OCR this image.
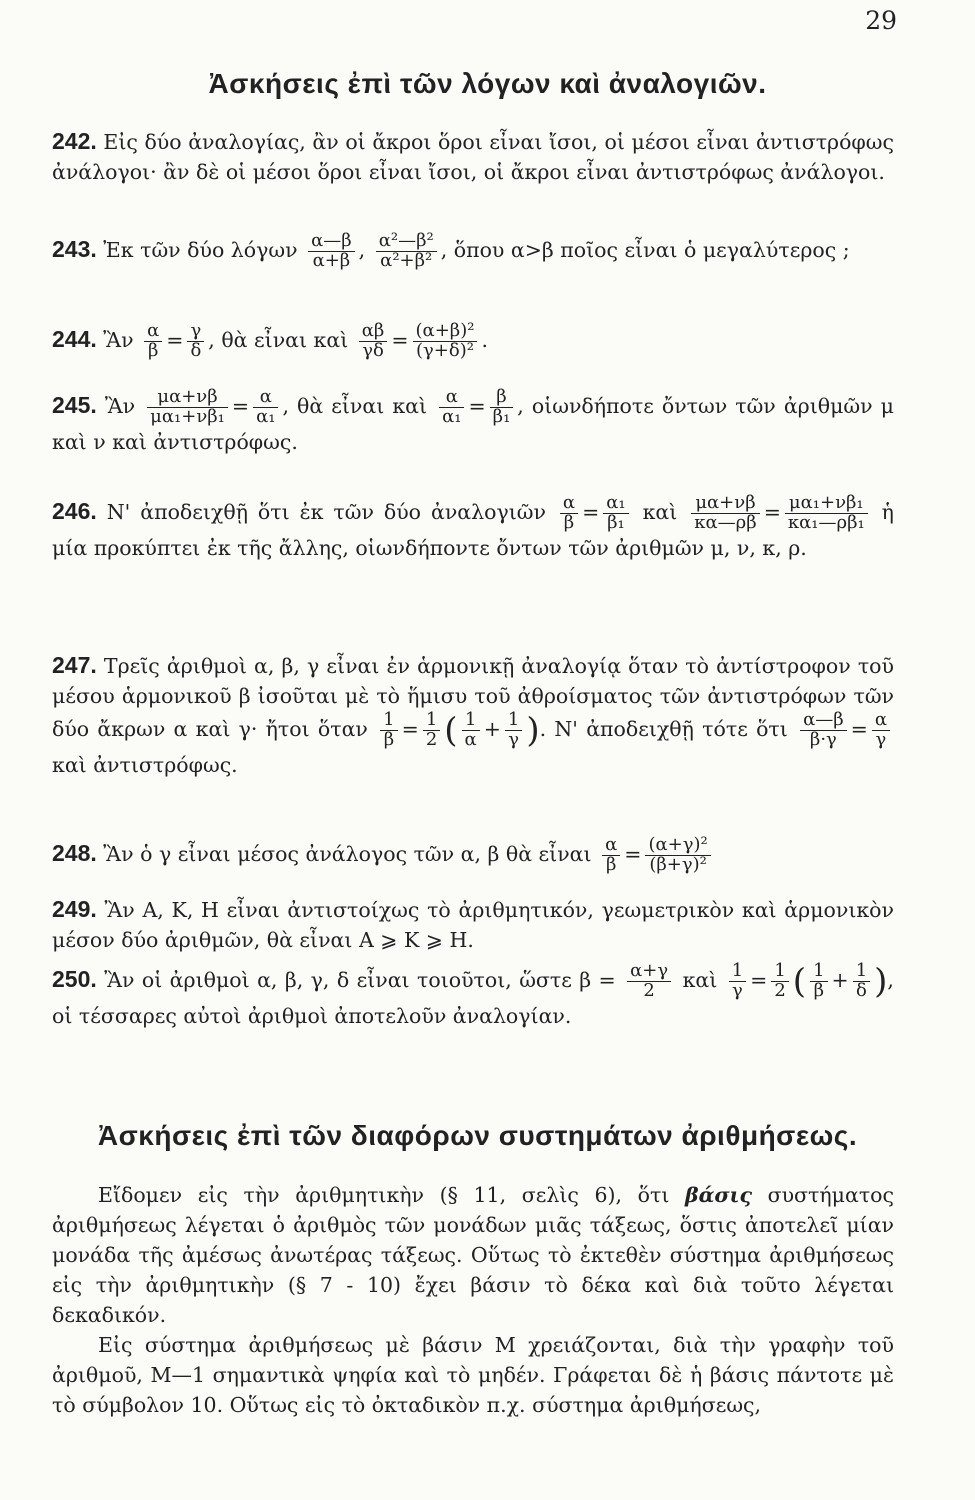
29
Ἀσκήσεις ἐπὶ τῶν λόγων καὶ ἀναλογιῶν.

242. Εἰς δύο ἀναλογίας, ἂν οἱ ἄκροι ὅροι εἶναι ἴσοι, οἱ μέσοι εἶναι ἀντιστρόφως ἀνάλογοι· ἂν δὲ οἱ μέσοι ὅροι εἶναι ἴσοι, οἱ ἄκροι εἶναι ἀντιστρόφως ἀνάλογοι.

243. Ἐκ τῶν δύο λόγων $\frac{\alpha—\beta}{\alpha+\beta}$ , $\frac{\text{α²—β²}}{\text{α²+β²}}$ , ὅπου α>β ποῖος εἶναι ὁ μεγαλύτερος ;

244. Ἂν $\frac{\alpha}{\beta} = \frac{\gamma}{\delta}$ , θὰ εἶναι καὶ $\frac{\alpha\beta}{\gamma\delta} = \frac{\text{(α+β)²}}{\text{(γ+δ)²}}$ .

245. Ἂν $\frac{\mu\alpha+\nu\beta}{\text{μα₁+νβ₁}} = \frac{\alpha}{\text{α₁}}$ , θὰ εἶναι καὶ $\frac{\alpha}{\text{α₁}} = \frac{\beta}{\text{β₁}}$ , οἱωνδήποτε ὄντων τῶν ἀριθμῶν μ καὶ ν καὶ ἀντιστρόφως.

246. Ν' ἀποδειχθῇ ὅτι ἐκ τῶν δύο ἀναλογιῶν $\frac{\alpha}{\beta} = \frac{\text{α₁}}{\text{β₁}}$ καὶ $\frac{\mu\alpha+\nu\beta}{\kappa\alpha—\rho\beta} = \frac{\text{μα₁+νβ₁}}{\text{κα₁—ρβ₁}}$ ἡ μία προκύπτει ἐκ τῆς ἄλλης, οἱωνδήποντε ὄντων τῶν ἀριθμῶν μ, ν, κ, ρ.

247. Τρεῖς ἀριθμοὶ α, β, γ εἶναι ἐν ἁρμονικῇ ἀναλογίᾳ ὅταν τὸ ἀντίστροφον τοῦ μέσου ἁρμονικοῦ β ἰσοῦται μὲ τὸ ἥμισυ τοῦ ἀθροίσματος τῶν ἀντιστρόφων τῶν δύο ἄκρων α καὶ γ· ἤτοι ὅταν $\frac{1}{\beta} = \frac{1}{2}$ ( $\frac{1}{\alpha} + \frac{1}{\gamma}$ ). Ν' ἀποδειχθῇ τότε ὅτι $\frac{\alpha—\beta}{\beta\cdot\gamma} = \frac{\alpha}{\gamma}$
καὶ ἀντιστρόφως.

248. Ἂν ὁ γ εἶναι μέσος ἀνάλογος τῶν α, β θὰ εἶναι $\frac{\alpha}{\beta} = \frac{\text{(α+γ)²}}{\text{(β+γ)²}}$

249. Ἂν Α, Κ, Η εἶναι ἀντιστοίχως τὸ ἀριθμητικόν, γεωμετρικὸν καὶ ἁρμονικὸν μέσον δύο ἀριθμῶν, θὰ εἶναι Α ⩾ Κ ⩾ Η.

250. Ἂν οἱ ἀριθμοὶ α, β, γ, δ εἶναι τοιοῦτοι, ὥστε $\beta = \frac{\alpha+\gamma}{2}$ καὶ $\frac{1}{\gamma} = \frac{1}{2}$ ( $\frac{1}{\beta} + \frac{1}{\delta}$ ), οἱ τέσσαρες αὐτοὶ ἀριθμοὶ ἀποτελοῦν ἀναλογίαν.

Ἀσκήσεις ἐπὶ τῶν διαφόρων συστημάτων ἀριθμήσεως.

Εἴδομεν εἰς τὴν ἀριθμητικὴν (§ 11, σελὶς 6), ὅτι βάσις συστήματος ἀριθμήσεως λέγεται ὁ ἀριθμὸς τῶν μονάδων μιᾶς τάξεως, ὅστις ἀποτελεῖ μίαν μονάδα τῆς ἀμέσως ἀνωτέρας τάξεως. Οὕτως τὸ ἐκτεθὲν σύστημα ἀριθμήσεως εἰς τὴν ἀριθμητικὴν (§ 7 - 10) ἔχει βάσιν τὸ δέκα καὶ διὰ τοῦτο λέγεται δεκαδικόν.

Εἰς σύστημα ἀριθμήσεως μὲ βάσιν Μ χρειάζονται, διὰ τὴν γραφὴν τοῦ ἀριθμοῦ, Μ—1 σημαντικὰ ψηφία καὶ τὸ μηδέν. Γράφεται δὲ ἡ βάσις πάντοτε μὲ τὸ σύμβολον 10. Οὕτως εἰς τὸ ὀκταδικὸν π.χ. σύστημα ἀριθμήσεως,
